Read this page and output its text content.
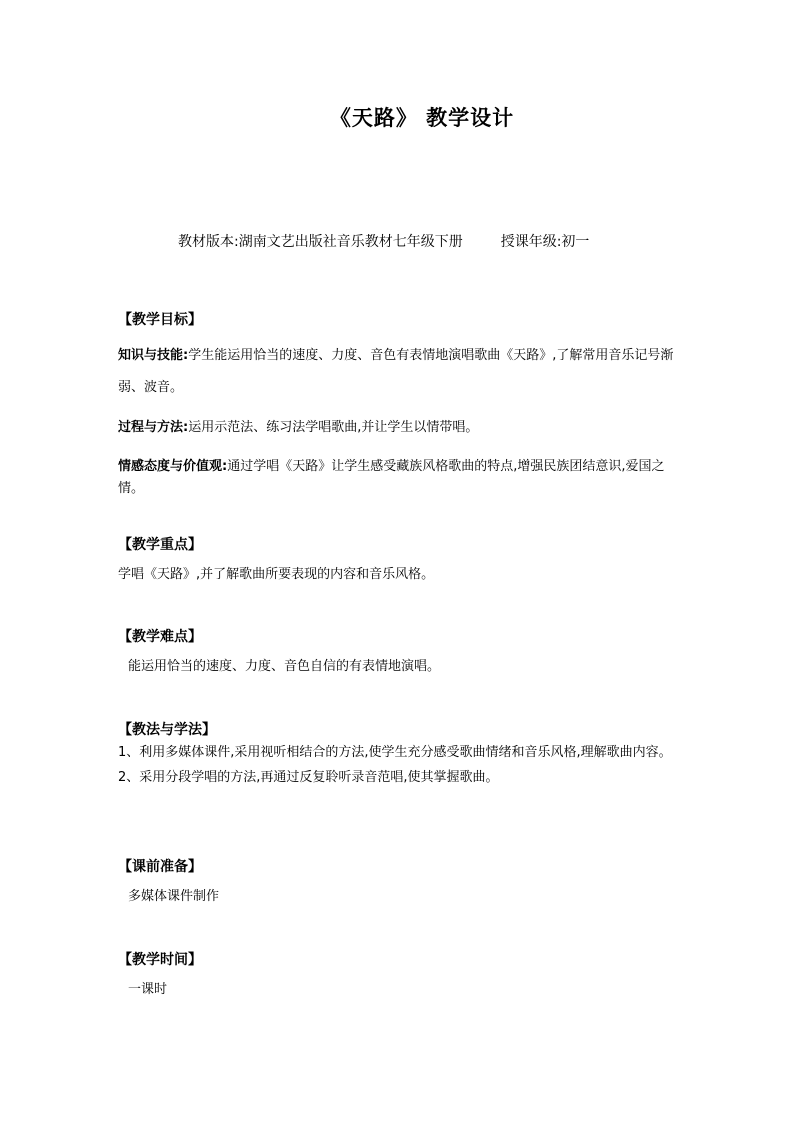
《天路》 教学设计
教材版本:湖南文艺出版社音乐教材七年级下册	授课年级:初一

【教学目标】

知识与技能:学生能运用恰当的速度、力度、音色有表情地演唱歌曲《天路》,了解常用音乐记号渐弱、波音。

过程与方法:运用示范法、练习法学唱歌曲,并让学生以情带唱。

情感态度与价值观:通过学唱《天路》让学生感受藏族风格歌曲的特点,增强民族团结意识,爱国之情。

【教学重点】

学唱《天路》,并了解歌曲所要表现的内容和音乐风格。

【教学难点】

能运用恰当的速度、力度、音色自信的有表情地演唱。

【教法与学法】

1、利用多媒体课件,采用视听相结合的方法,使学生充分感受歌曲情绪和音乐风格,理解歌曲内容。

2、采用分段学唱的方法,再通过反复聆听录音范唱,使其掌握歌曲。

【课前准备】

多媒体课件制作

【教学时间】

一课时
